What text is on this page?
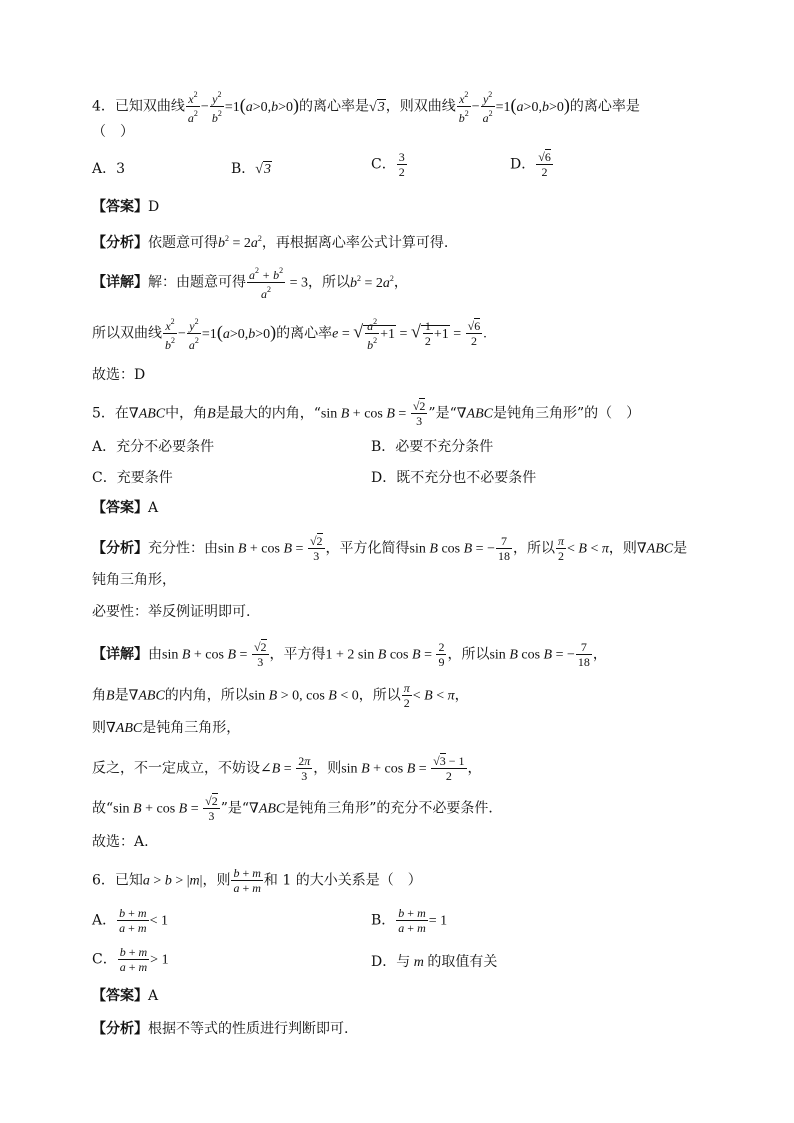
4．已知双曲线 $\frac{x^2}{a^2} - \frac{y^2}{b^2} =1(a>0,b>0)$的离心率是√3，则双曲线 $\frac{x^2}{b^2} - \frac{y^2}{a^2} =1(a>0,b>0)$的离心率是
（　）
A．3	B．√3	C． $\frac{3}{2}$	D． $\frac{√6}{2}$
【答案】D
【分析】依题意可得$b^2 = 2a^2$，再根据离心率公式计算可得.
【详解】解：由题意可得 $\frac{a^2 + b^2}{a^2} = 3$，所以$b^2 = 2a^2$，
所以双曲线 $\frac{x^2}{b^2} - \frac{y^2}{a^2} =1(a>0,b>0)$的离心率e = √ $\frac{a^2}{b^2} +1$ = √ $\frac{1}{2} +1 = \frac{√6}{2}$ .
故选：D
5．在∇ABC中，角B是最大的内角，“sin $B + \cos B = \frac{√2}{3}$ ”是“∇ABC是钝角三角形”的（　）
A．充分不必要条件	B．必要不充分条件
C．充要条件	D．既不充分也不必要条件
【答案】A
【分析】充分性：由$\sin B + \cos B = \frac{√2}{3}$ ，平方化简得sin B cos B = − $\frac{7}{18}$ ，所以 $\frac{\pi}{2} < B < \pi$，则∇ABC是
钝角三角形，
必要性：举反例证明即可.
【详解】由$\sin B + \cos B = \frac{√2}{3}$ ，平方得1 + 2 sin B $\cos B = \frac{2}{9}$ ，所以sin B cos B = − $\frac{7}{18}$ ，
角B是∇ABC的内角，所以sin B > 0, cos B < 0，所以 $\frac{\pi}{2} < B < \pi$，
则∇ABC是钝角三角形，
反之，不一定成立，不妨设∠B = $\frac{2\pi}{3}$ ，则$\sin B + \cos B = \frac{√3 - 1}{2}$ ，
故“sin $B + \cos B = \frac{√2}{3}$ ”是“∇ABC是钝角三角形”的充分不必要条件．
故选：A.
6．已知a > b > |m|，则 $\frac{b + m}{a + m}$ 和 1 的大小关系是（　）
A． $\frac{b + m}{a + m} < 1$	B． $\frac{b + m}{a + m} = 1$
C． $\frac{b + m}{a + m} > 1$	D．与 m 的取值有关
【答案】A
【分析】根据不等式的性质进行判断即可.
